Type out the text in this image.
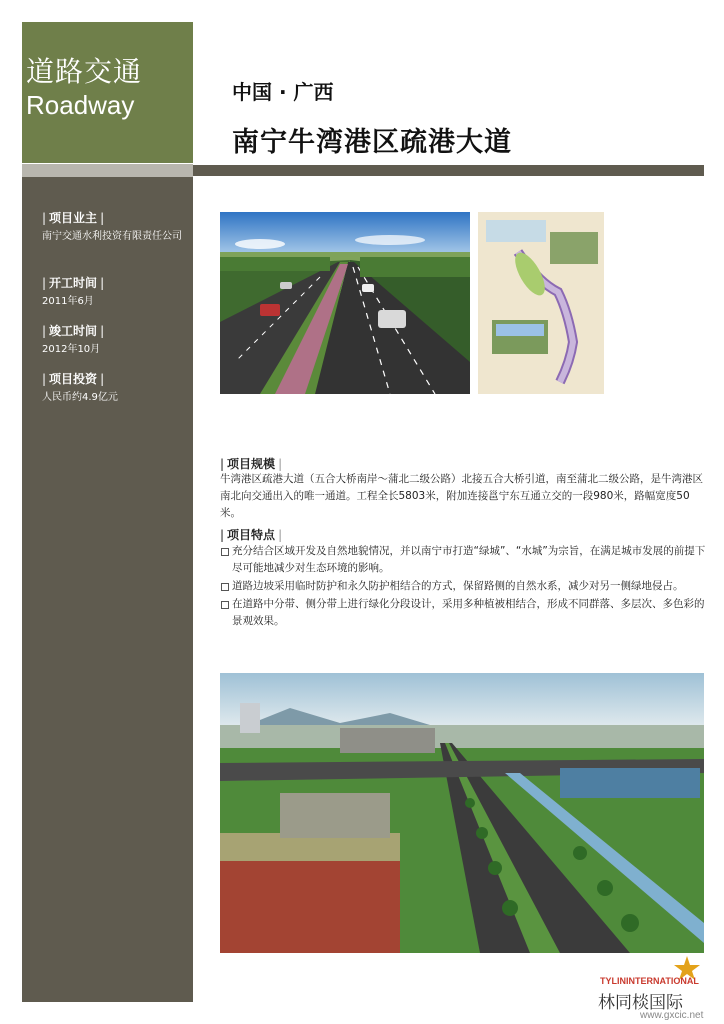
道路交通
Roadway
| 项目业主 |
南宁交通水利投资有限责任公司
| 开工时间 |
2011年6月
| 竣工时间 |
2012年10月
| 项目投资 |
人民币约4.9亿元
中国 · 广西
南宁牛湾港区疏港大道
| 项目规模 |
牛湾港区疏港大道（五合大桥南岸～蒲北二级公路）北接五合大桥引道，南至蒲北二级公路，是牛湾港区南北向交通出入的唯一通道。工程全长5803米，附加连接邕宁东互通立交的一段980米，路幅宽度50米。
| 项目特点 |
充分结合区域开发及自然地貌情况，并以南宁市打造“绿城”、“水城”为宗旨，在满足城市发展的前提下尽可能地减少对生态环境的影响。
道路边坡采用临时防护和永久防护相结合的方式，保留路侧的自然水系，减少对另一侧绿地侵占。
在道路中分带、侧分带上进行绿化分段设计，采用多种植被相结合，形成不同群落、多层次、多色彩的景观效果。
TYLININTERNATIONAL
林同棪国际
www.gxcic.net
